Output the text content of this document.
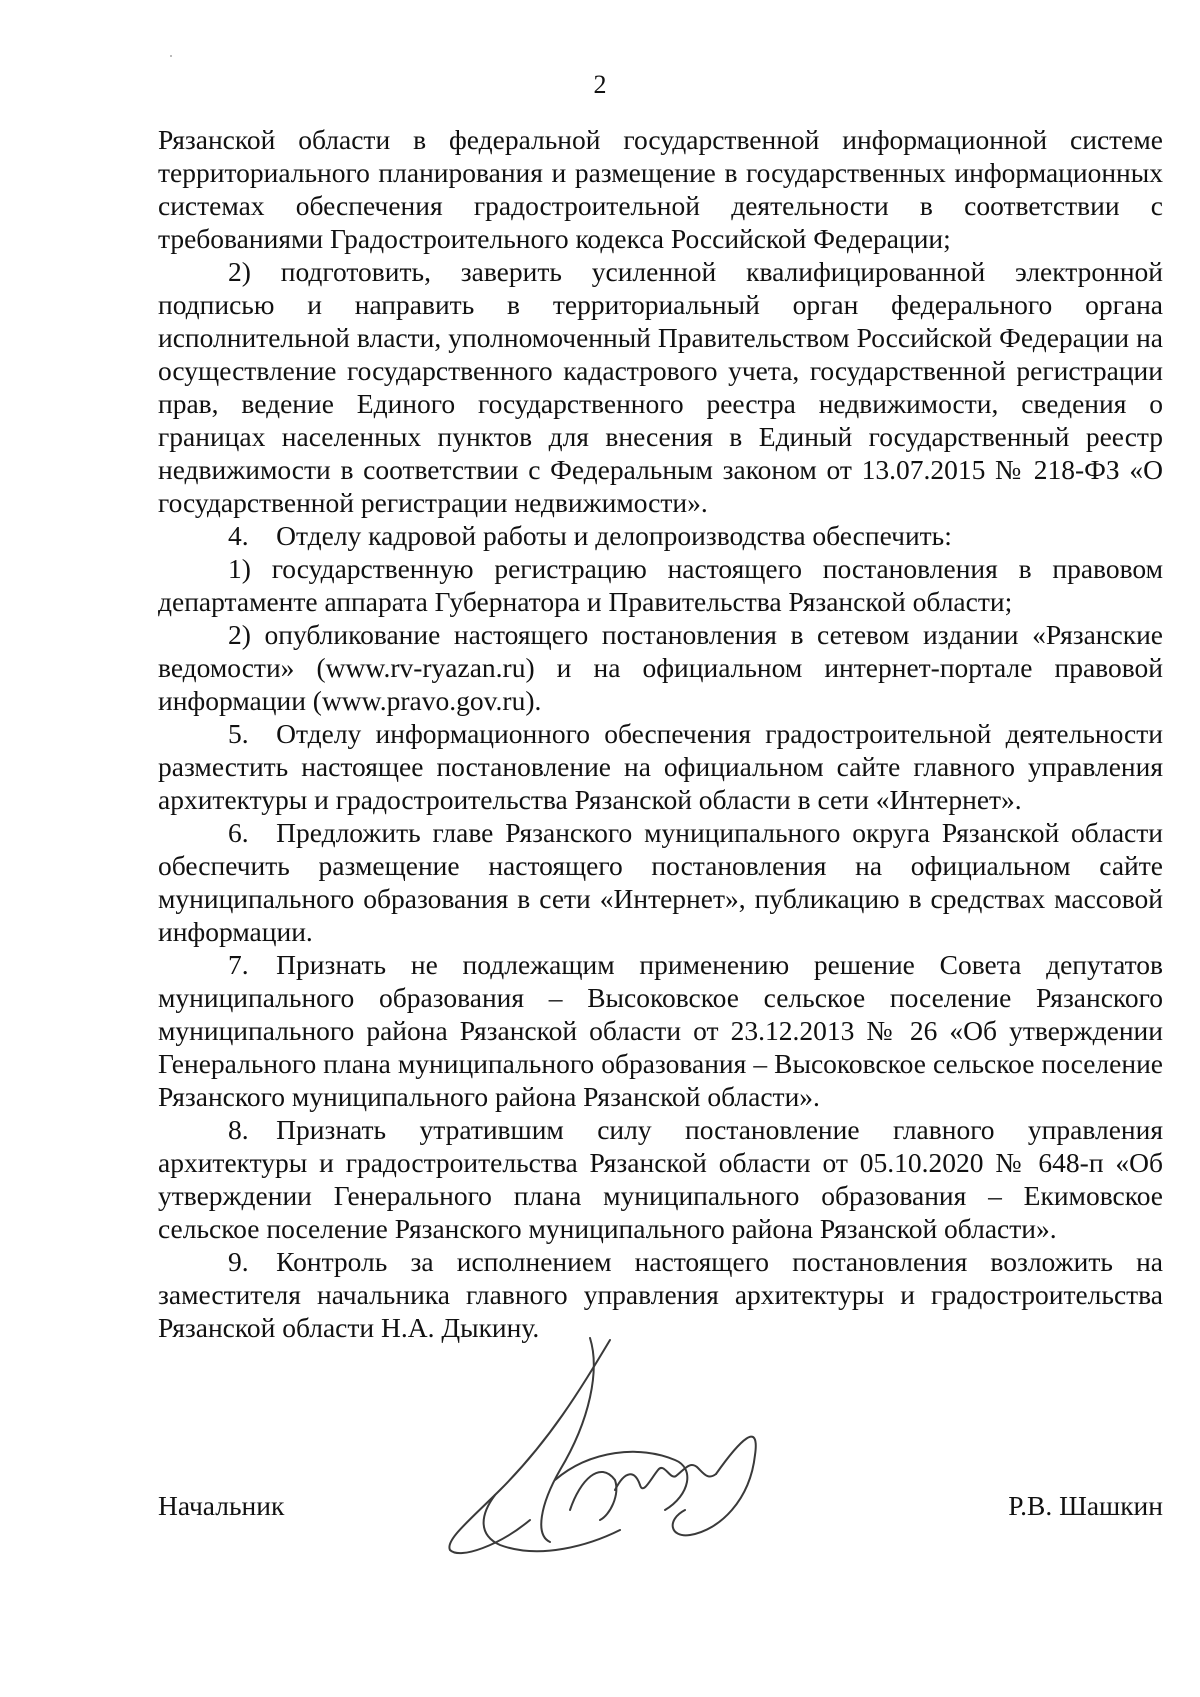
2

Рязанской области в федеральной государственной информационной системе территориального планирования и размещение в государственных информационных системах обеспечения градостроительной деятельности в соответствии с требованиями Градостроительного кодекса Российской Федерации;

2) подготовить, заверить усиленной квалифицированной электронной подписью и направить в территориальный орган федерального органа исполнительной власти, уполномоченный Правительством Российской Федерации на осуществление государственного кадастрового учета, государственной регистрации прав, ведение Единого государственного реестра недвижимости, сведения о границах населенных пунктов для внесения в Единый государственный реестр недвижимости в соответствии с Федеральным законом от 13.07.2015 № 218-ФЗ «О государственной регистрации недвижимости».

4. Отделу кадровой работы и делопроизводства обеспечить:

1) государственную регистрацию настоящего постановления в правовом департаменте аппарата Губернатора и Правительства Рязанской области;

2) опубликование настоящего постановления в сетевом издании «Рязанские ведомости» (www.rv-ryazan.ru) и на официальном интернет-портале правовой информации (www.pravo.gov.ru).

5. Отделу информационного обеспечения градостроительной деятельности разместить настоящее постановление на официальном сайте главного управления архитектуры и градостроительства Рязанской области в сети «Интернет».

6. Предложить главе Рязанского муниципального округа Рязанской области обеспечить размещение настоящего постановления на официальном сайте муниципального образования в сети «Интернет», публикацию в средствах массовой информации.

7. Признать не подлежащим применению решение Совета депутатов муниципального образования – Высоковское сельское поселение Рязанского муниципального района Рязанской области от 23.12.2013 № 26 «Об утверждении Генерального плана муниципального образования – Высоковское сельское поселение Рязанского муниципального района Рязанской области».

8. Признать утратившим силу постановление главного управления архитектуры и градостроительства Рязанской области от 05.10.2020 № 648-п «Об утверждении Генерального плана муниципального образования – Екимовское сельское поселение Рязанского муниципального района Рязанской области».

9. Контроль за исполнением настоящего постановления возложить на заместителя начальника главного управления архитектуры и градостроительства Рязанской области Н.А. Дыкину.

Начальник	Р.В. Шашкин
